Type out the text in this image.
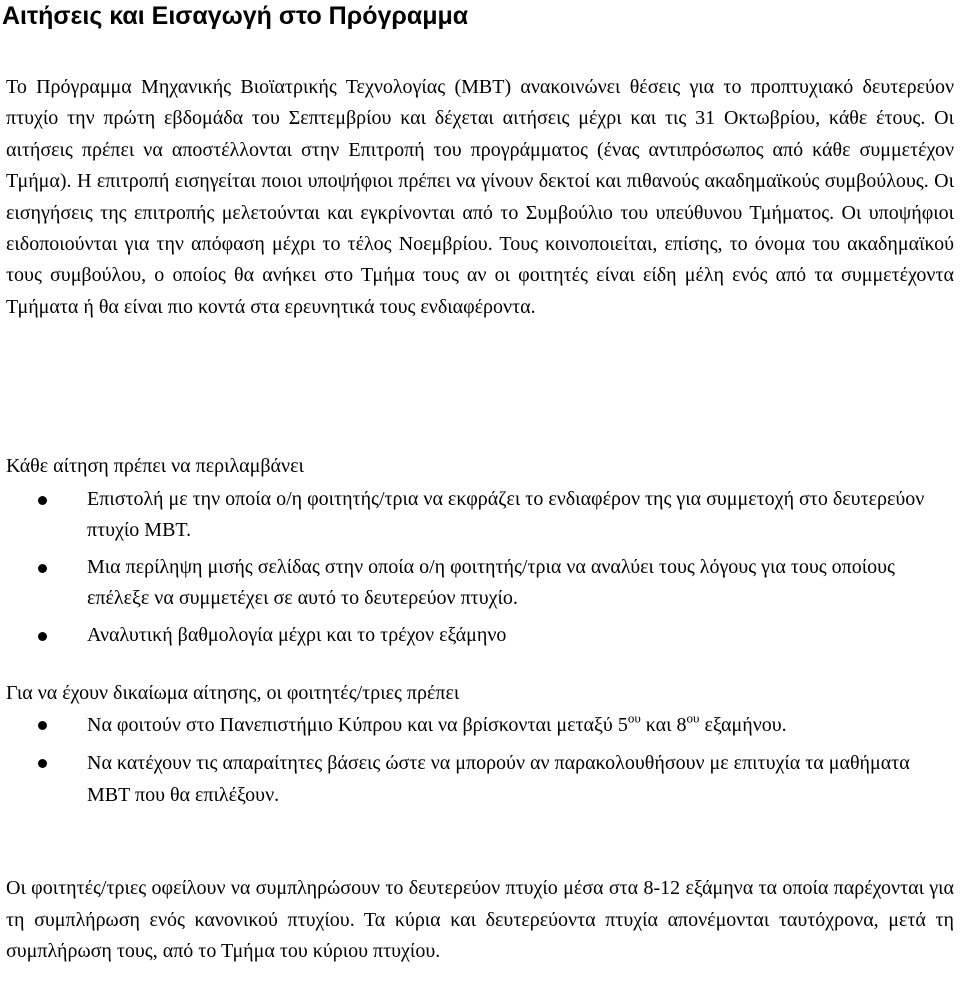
Αιτήσεις και Εισαγωγή στο Πρόγραμμα

Το Πρόγραμμα Μηχανικής Βιοϊατρικής Τεχνολογίας (ΜΒΤ) ανακοινώνει θέσεις για το προπτυχιακό δευτερεύον πτυχίο την πρώτη εβδομάδα του Σεπτεμβρίου και δέχεται αιτήσεις μέχρι και τις 31 Οκτωβρίου, κάθε έτους. Οι αιτήσεις πρέπει να αποστέλλονται στην Επιτροπή του προγράμματος (ένας αντιπρόσωπος από κάθε συμμετέχον Τμήμα). Η επιτροπή εισηγείται ποιοι υποψήφιοι πρέπει να γίνουν δεκτοί και πιθανούς ακαδημαϊκούς συμβούλους. Οι εισηγήσεις της επιτροπής μελετούνται και εγκρίνονται από το Συμβούλιο του υπεύθυνου Τμήματος. Οι υποψήφιοι ειδοποιούνται για την απόφαση μέχρι το τέλος Νοεμβρίου. Τους κοινοποιείται, επίσης, το όνομα του ακαδημαϊκού τους συμβούλου, ο οποίος θα ανήκει στο Τμήμα τους αν οι φοιτητές είναι είδη μέλη ενός από τα συμμετέχοντα Τμήματα ή θα είναι πιο κοντά στα ερευνητικά τους ενδιαφέροντα.

Κάθε αίτηση πρέπει να περιλαμβάνει

Επιστολή με την οποία ο/η φοιτητής/τρια να εκφράζει το ενδιαφέρον της για συμμετοχή στο δευτερεύον πτυχίο ΜΒΤ.
Μια περίληψη μισής σελίδας στην οποία ο/η φοιτητής/τρια να αναλύει τους λόγους για τους οποίους επέλεξε να συμμετέχει σε αυτό το δευτερεύον πτυχίο.
Αναλυτική βαθμολογία μέχρι και το τρέχον εξάμηνο

Για να έχουν δικαίωμα αίτησης, οι φοιτητές/τριες πρέπει

Να φοιτούν στο Πανεπιστήμιο Κύπρου και να βρίσκονται μεταξύ $5^{o\upsilon}$ και $8^{o\upsilon}$ εξαμήνου.
Να κατέχουν τις απαραίτητες βάσεις ώστε να μπορούν αν παρακολουθήσουν με επιτυχία τα μαθήματα ΜΒΤ που θα επιλέξουν.

Οι φοιτητές/τριες οφείλουν να συμπληρώσουν το δευτερεύον πτυχίο μέσα στα 8-12 εξάμηνα τα οποία παρέχονται για τη συμπλήρωση ενός κανονικού πτυχίου. Τα κύρια και δευτερεύοντα πτυχία απονέμονται ταυτόχρονα, μετά τη συμπλήρωση τους, από το Τμήμα του κύριου πτυχίου.
